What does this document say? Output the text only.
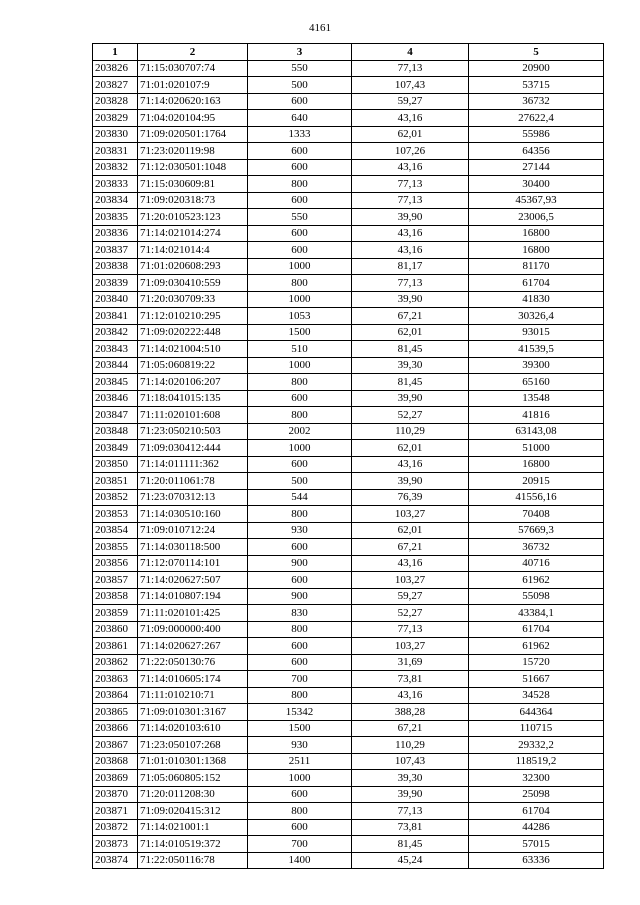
4161
1	2	3	4	5
203826	71:15:030707:74	550	77,13	20900
203827	71:01:020107:9	500	107,43	53715
203828	71:14:020620:163	600	59,27	36732
203829	71:04:020104:95	640	43,16	27622,4
203830	71:09:020501:1764	1333	62,01	55986
203831	71:23:020119:98	600	107,26	64356
203832	71:12:030501:1048	600	43,16	27144
203833	71:15:030609:81	800	77,13	30400
203834	71:09:020318:73	600	77,13	45367,93
203835	71:20:010523:123	550	39,90	23006,5
203836	71:14:021014:274	600	43,16	16800
203837	71:14:021014:4	600	43,16	16800
203838	71:01:020608:293	1000	81,17	81170
203839	71:09:030410:559	800	77,13	61704
203840	71:20:030709:33	1000	39,90	41830
203841	71:12:010210:295	1053	67,21	30326,4
203842	71:09:020222:448	1500	62,01	93015
203843	71:14:021004:510	510	81,45	41539,5
203844	71:05:060819:22	1000	39,30	39300
203845	71:14:020106:207	800	81,45	65160
203846	71:18:041015:135	600	39,90	13548
203847	71:11:020101:608	800	52,27	41816
203848	71:23:050210:503	2002	110,29	63143,08
203849	71:09:030412:444	1000	62,01	51000
203850	71:14:011111:362	600	43,16	16800
203851	71:20:011061:78	500	39,90	20915
203852	71:23:070312:13	544	76,39	41556,16
203853	71:14:030510:160	800	103,27	70408
203854	71:09:010712:24	930	62,01	57669,3
203855	71:14:030118:500	600	67,21	36732
203856	71:12:070114:101	900	43,16	40716
203857	71:14:020627:507	600	103,27	61962
203858	71:14:010807:194	900	59,27	55098
203859	71:11:020101:425	830	52,27	43384,1
203860	71:09:000000:400	800	77,13	61704
203861	71:14:020627:267	600	103,27	61962
203862	71:22:050130:76	600	31,69	15720
203863	71:14:010605:174	700	73,81	51667
203864	71:11:010210:71	800	43,16	34528
203865	71:09:010301:3167	15342	388,28	644364
203866	71:14:020103:610	1500	67,21	110715
203867	71:23:050107:268	930	110,29	29332,2
203868	71:01:010301:1368	2511	107,43	118519,2
203869	71:05:060805:152	1000	39,30	32300
203870	71:20:011208:30	600	39,90	25098
203871	71:09:020415:312	800	77,13	61704
203872	71:14:021001:1	600	73,81	44286
203873	71:14:010519:372	700	81,45	57015
203874	71:22:050116:78	1400	45,24	63336
